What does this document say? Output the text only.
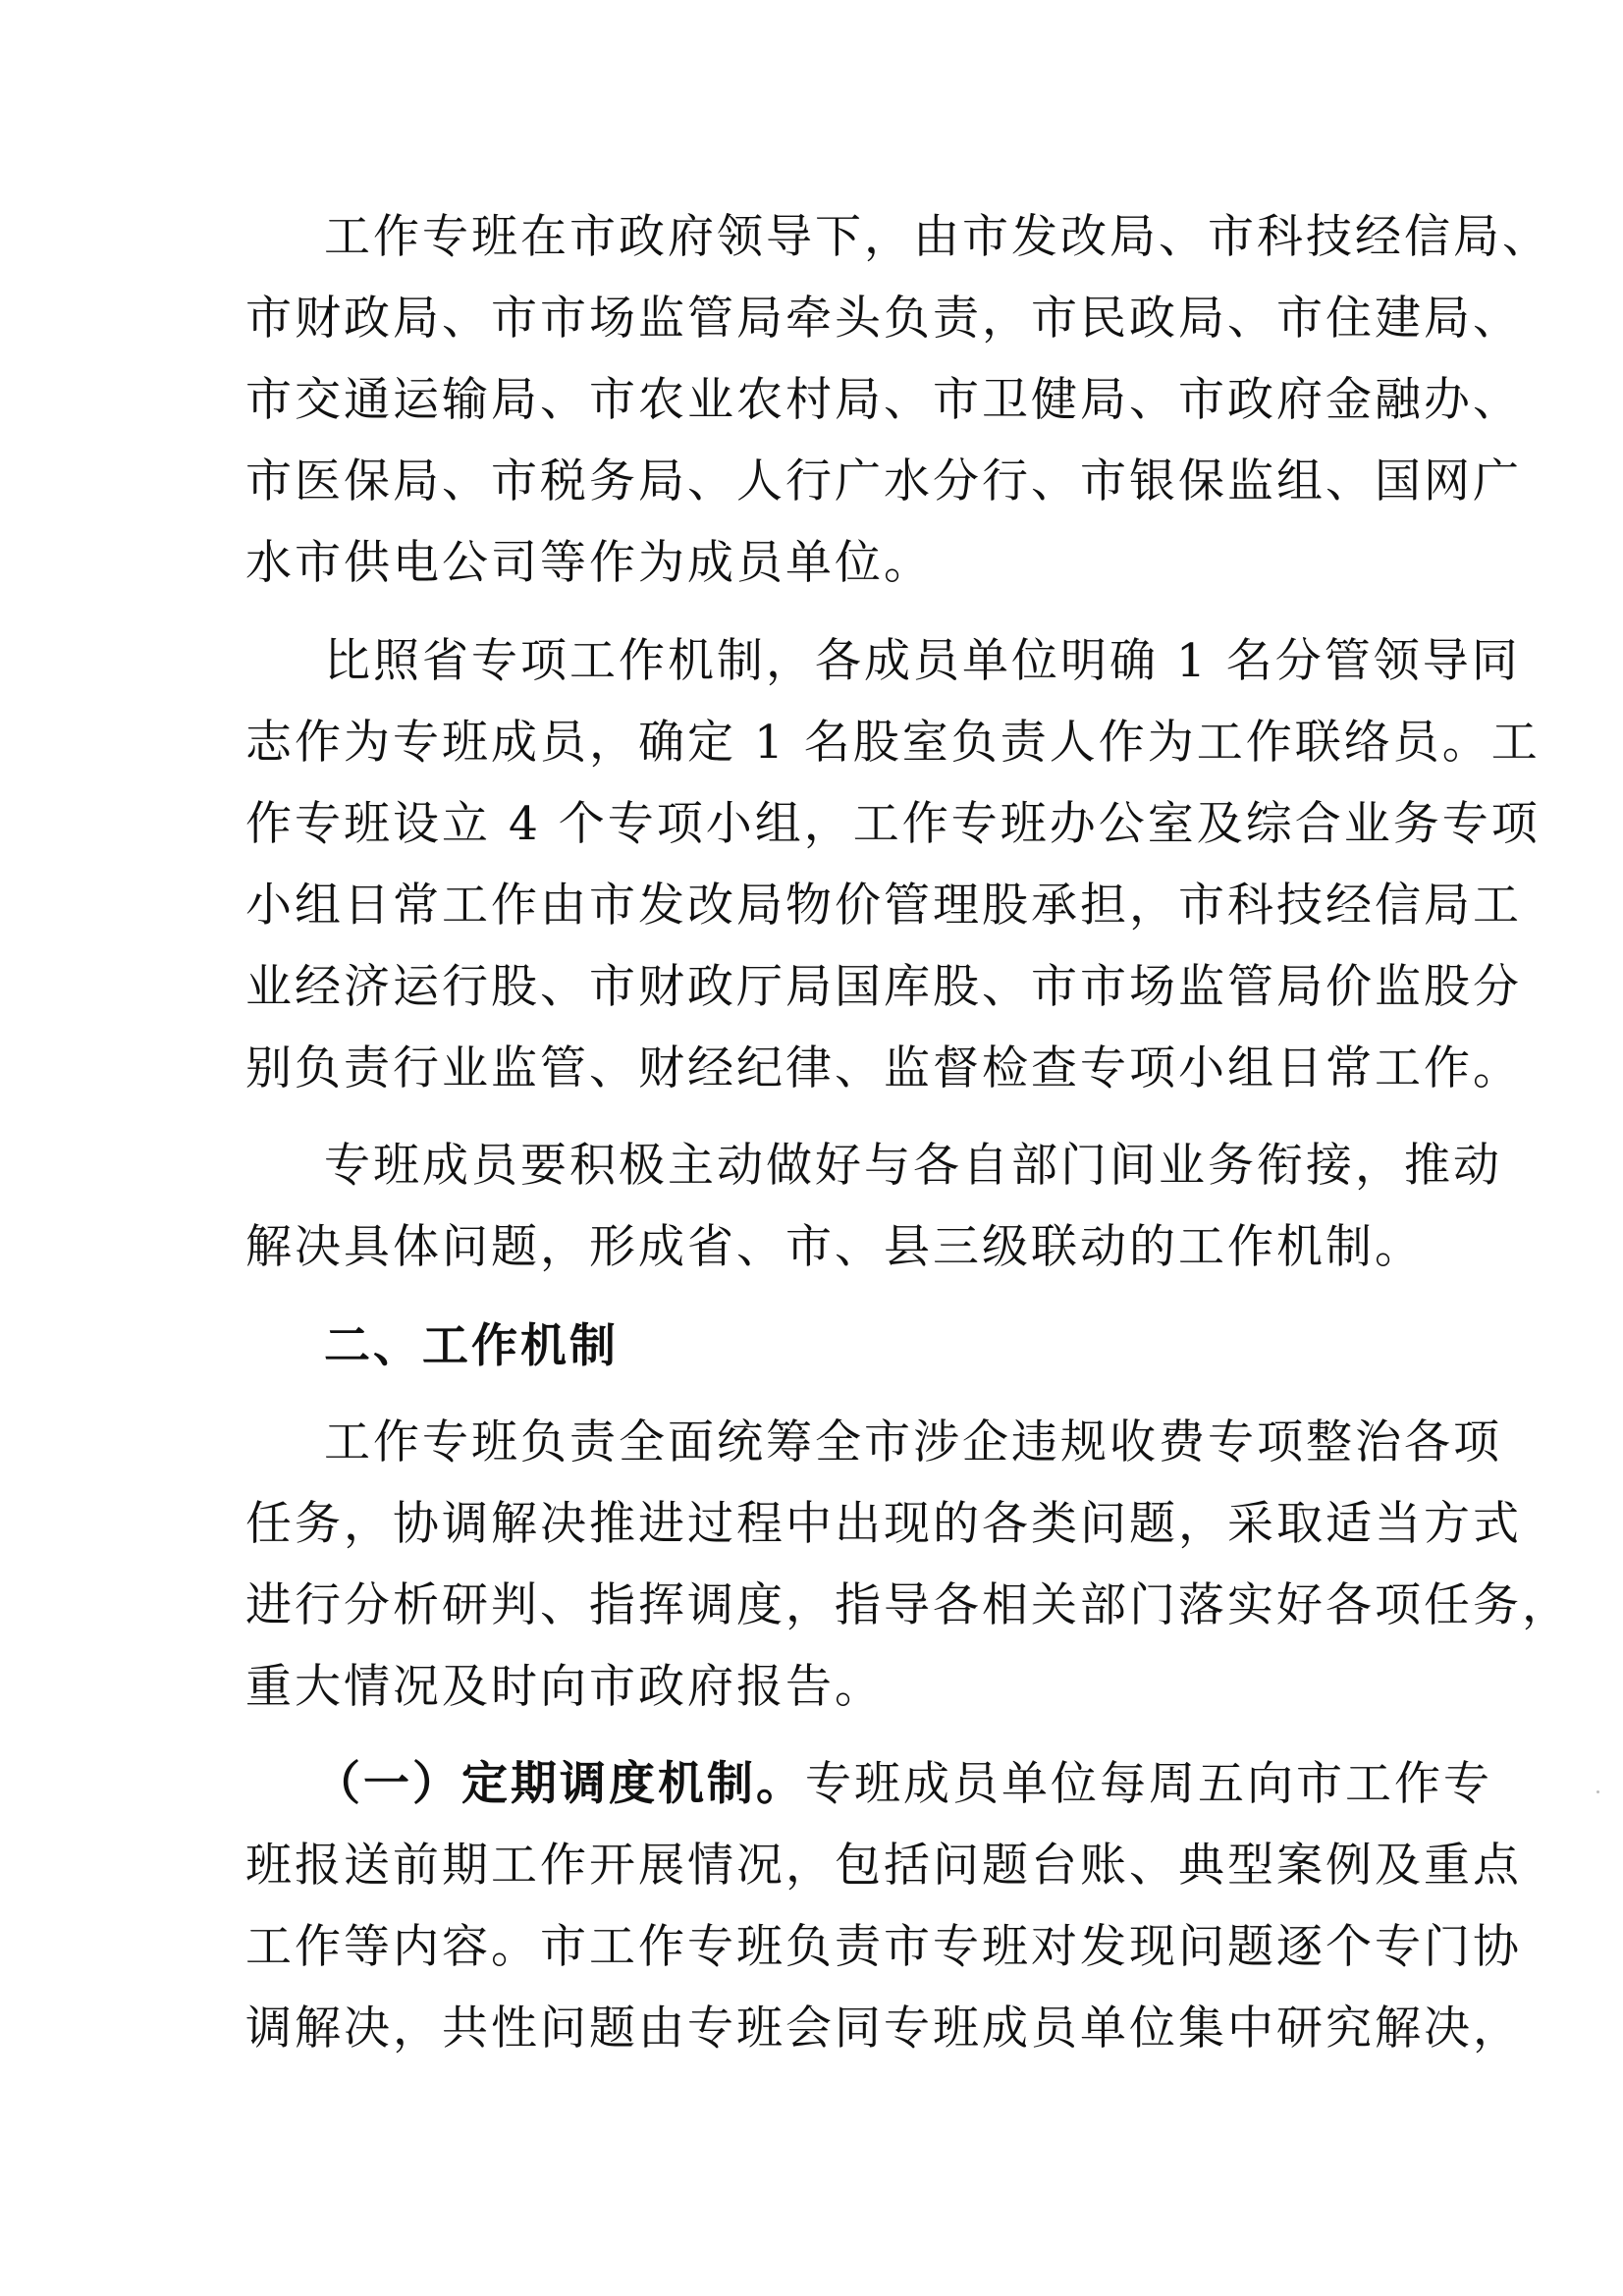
工作专班在市政府领导下，由市发改局、市科技经信局、
市财政局、市市场监管局牵头负责，市民政局、市住建局、
市交通运输局、市农业农村局、市卫健局、市政府金融办、
市医保局、市税务局、人行广水分行、市银保监组、国网广
水市供电公司等作为成员单位。
比照省专项工作机制，各成员单位明确 1 名分管领导同
志作为专班成员，确定 1 名股室负责人作为工作联络员。工
作专班设立 4 个专项小组，工作专班办公室及综合业务专项
小组日常工作由市发改局物价管理股承担，市科技经信局工
业经济运行股、市财政厅局国库股、市市场监管局价监股分
别负责行业监管、财经纪律、监督检查专项小组日常工作。
专班成员要积极主动做好与各自部门间业务衔接，推动
解决具体问题，形成省、市、县三级联动的工作机制。
二、工作机制
工作专班负责全面统筹全市涉企违规收费专项整治各项
任务，协调解决推进过程中出现的各类问题，采取适当方式
进行分析研判、指挥调度，指导各相关部门落实好各项任务，
重大情况及时向市政府报告。
（一）定期调度机制。专班成员单位每周五向市工作专
班报送前期工作开展情况，包括问题台账、典型案例及重点
工作等内容。市工作专班负责市专班对发现问题逐个专门协
调解决，共性问题由专班会同专班成员单位集中研究解决，
